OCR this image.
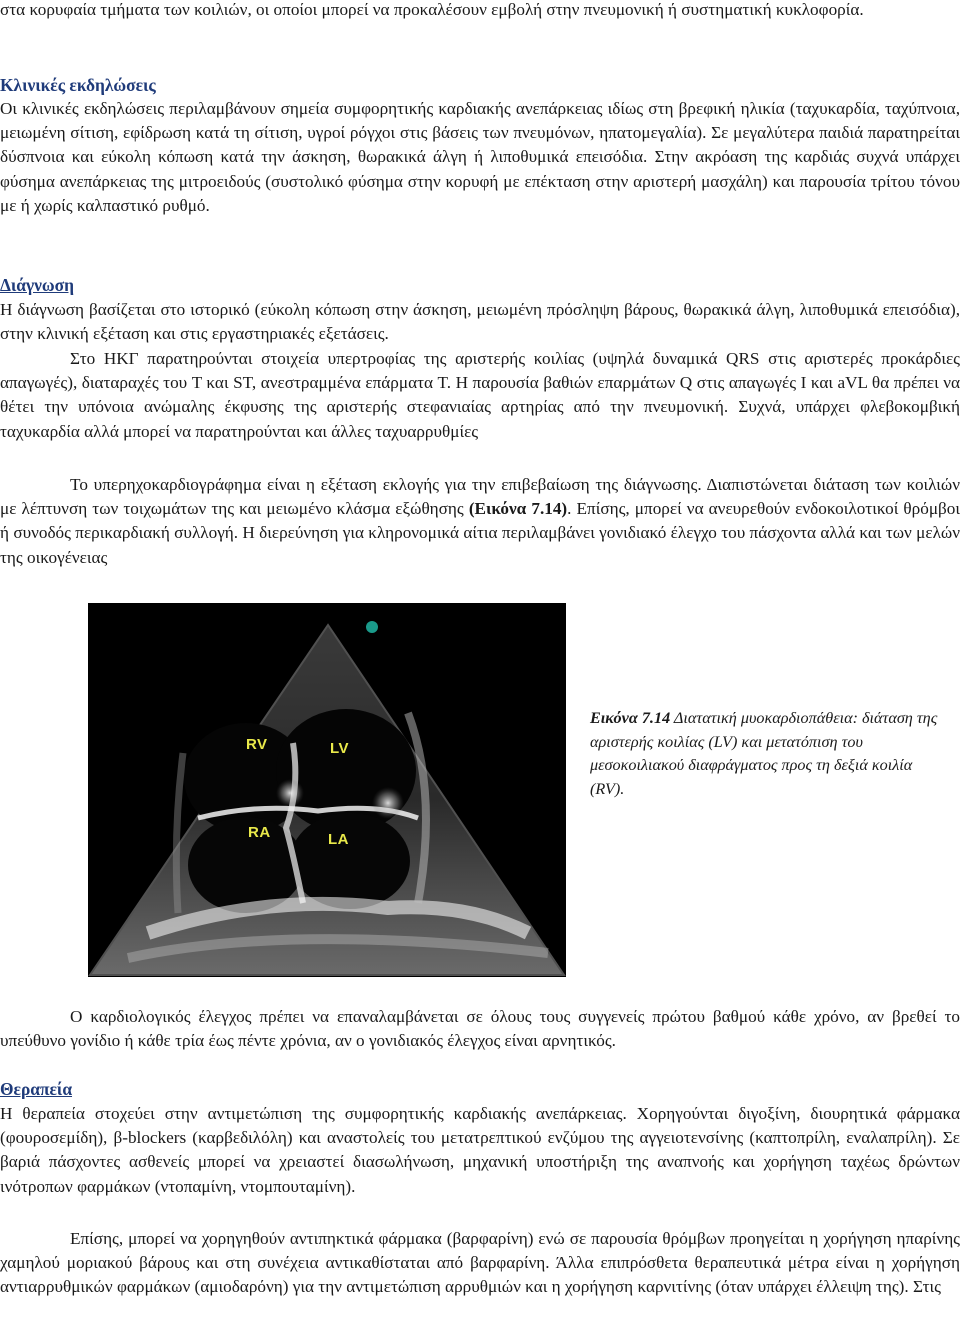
στα κορυφαία τμήματα των κοιλιών, οι οποίοι μπορεί να προκαλέσουν εμβολή στην πνευμονική ή συστηματική κυκλοφορία.

Κλινικές εκδηλώσεις

Οι κλινικές εκδηλώσεις περιλαμβάνουν σημεία συμφορητικής καρδιακής ανεπάρκειας ιδίως στη βρεφική ηλικία (ταχυκαρδία, ταχύπνοια, μειωμένη σίτιση, εφίδρωση κατά τη σίτιση, υγροί ρόγχοι στις βάσεις των πνευμόνων, ηπατομεγαλία). Σε μεγαλύτερα παιδιά παρατηρείται δύσπνοια και εύκολη κόπωση κατά την άσκηση, θωρακικά άλγη ή λιποθυμικά επεισόδια. Στην ακρόαση της καρδιάς συχνά υπάρχει φύσημα ανεπάρκειας της μιτροειδούς (συστολικό φύσημα στην κορυφή με επέκταση στην αριστερή μασχάλη) και παρουσία τρίτου τόνου με ή χωρίς καλπαστικό ρυθμό.

Διάγνωση

Η διάγνωση βασίζεται στο ιστορικό (εύκολη κόπωση στην άσκηση, μειωμένη πρόσληψη βάρους, θωρακικά άλγη, λιποθυμικά επεισόδια), στην κλινική εξέταση και στις εργαστηριακές εξετάσεις.

Στο ΗΚΓ παρατηρούνται στοιχεία υπερτροφίας της αριστερής κοιλίας (υψηλά δυναμικά QRS στις αριστερές προκάρδιες απαγωγές), διαταραχές του T και ST, ανεστραμμένα επάρματα T. Η παρουσία βαθιών επαρμάτων Q στις απαγωγές I και aVL θα πρέπει να θέτει την υπόνοια ανώμαλης έκφυσης της αριστερής στεφανιαίας αρτηρίας από την πνευμονική. Συχνά, υπάρχει φλεβοκομβική ταχυκαρδία αλλά μπορεί να παρατηρούνται και άλλες ταχυαρρυθμίες

Το υπερηχοκαρδιογράφημα είναι η εξέταση εκλογής για την επιβεβαίωση της διάγνωσης. Διαπιστώνεται διάταση των κοιλιών με λέπτυνση των τοιχωμάτων της και μειωμένο κλάσμα εξώθησης (Εικόνα 7.14). Επίσης, μπορεί να ανευρεθούν ενδοκοιλοτικοί θρόμβοι ή συνοδός περικαρδιακή συλλογή. Η διερεύνηση για κληρονομικά αίτια περιλαμβάνει γονιδιακό έλεγχο του πάσχοντα αλλά και των μελών της οικογένειας

RV	LV
RA	LA

Εικόνα 7.14 Διατατική μυοκαρδιοπάθεια: διάταση της αριστερής κοιλίας (LV) και μετατόπιση του μεσοκοιλιακού διαφράγματος προς τη δεξιά κοιλία (RV).

Ο καρδιολογικός έλεγχος πρέπει να επαναλαμβάνεται σε όλους τους συγγενείς πρώτου βαθμού κάθε χρόνο, αν βρεθεί το υπεύθυνο γονίδιο ή κάθε τρία έως πέντε χρόνια, αν ο γονιδιακός έλεγχος είναι αρνητικός.

Θεραπεία

Η θεραπεία στοχεύει στην αντιμετώπιση της συμφορητικής καρδιακής ανεπάρκειας. Χορηγούνται διγοξίνη, διουρητικά φάρμακα (φουροσεμίδη), β-blockers (καρβεδιλόλη) και αναστολείς του μετατρεπτικού ενζύμου της αγγειοτενσίνης (καπτοπρίλη, εναλαπρίλη). Σε βαριά πάσχοντες ασθενείς μπορεί να χρειαστεί διασωλήνωση, μηχανική υποστήριξη της αναπνοής και χορήγηση ταχέως δρώντων ινότροπων φαρμάκων (ντοπαμίνη, ντομπουταμίνη).

Επίσης, μπορεί να χορηγηθούν αντιπηκτικά φάρμακα (βαρφαρίνη) ενώ σε παρουσία θρόμβων προηγείται η χορήγηση ηπαρίνης χαμηλού μοριακού βάρους και στη συνέχεια αντικαθίσταται από βαρφαρίνη. Άλλα επιπρόσθετα θεραπευτικά μέτρα είναι η χορήγηση αντιαρρυθμικών φαρμάκων (αμιοδαρόνη) για την αντιμετώπιση αρρυθμιών και η χορήγηση καρνιτίνης (όταν υπάρχει έλλειψη της). Στις
